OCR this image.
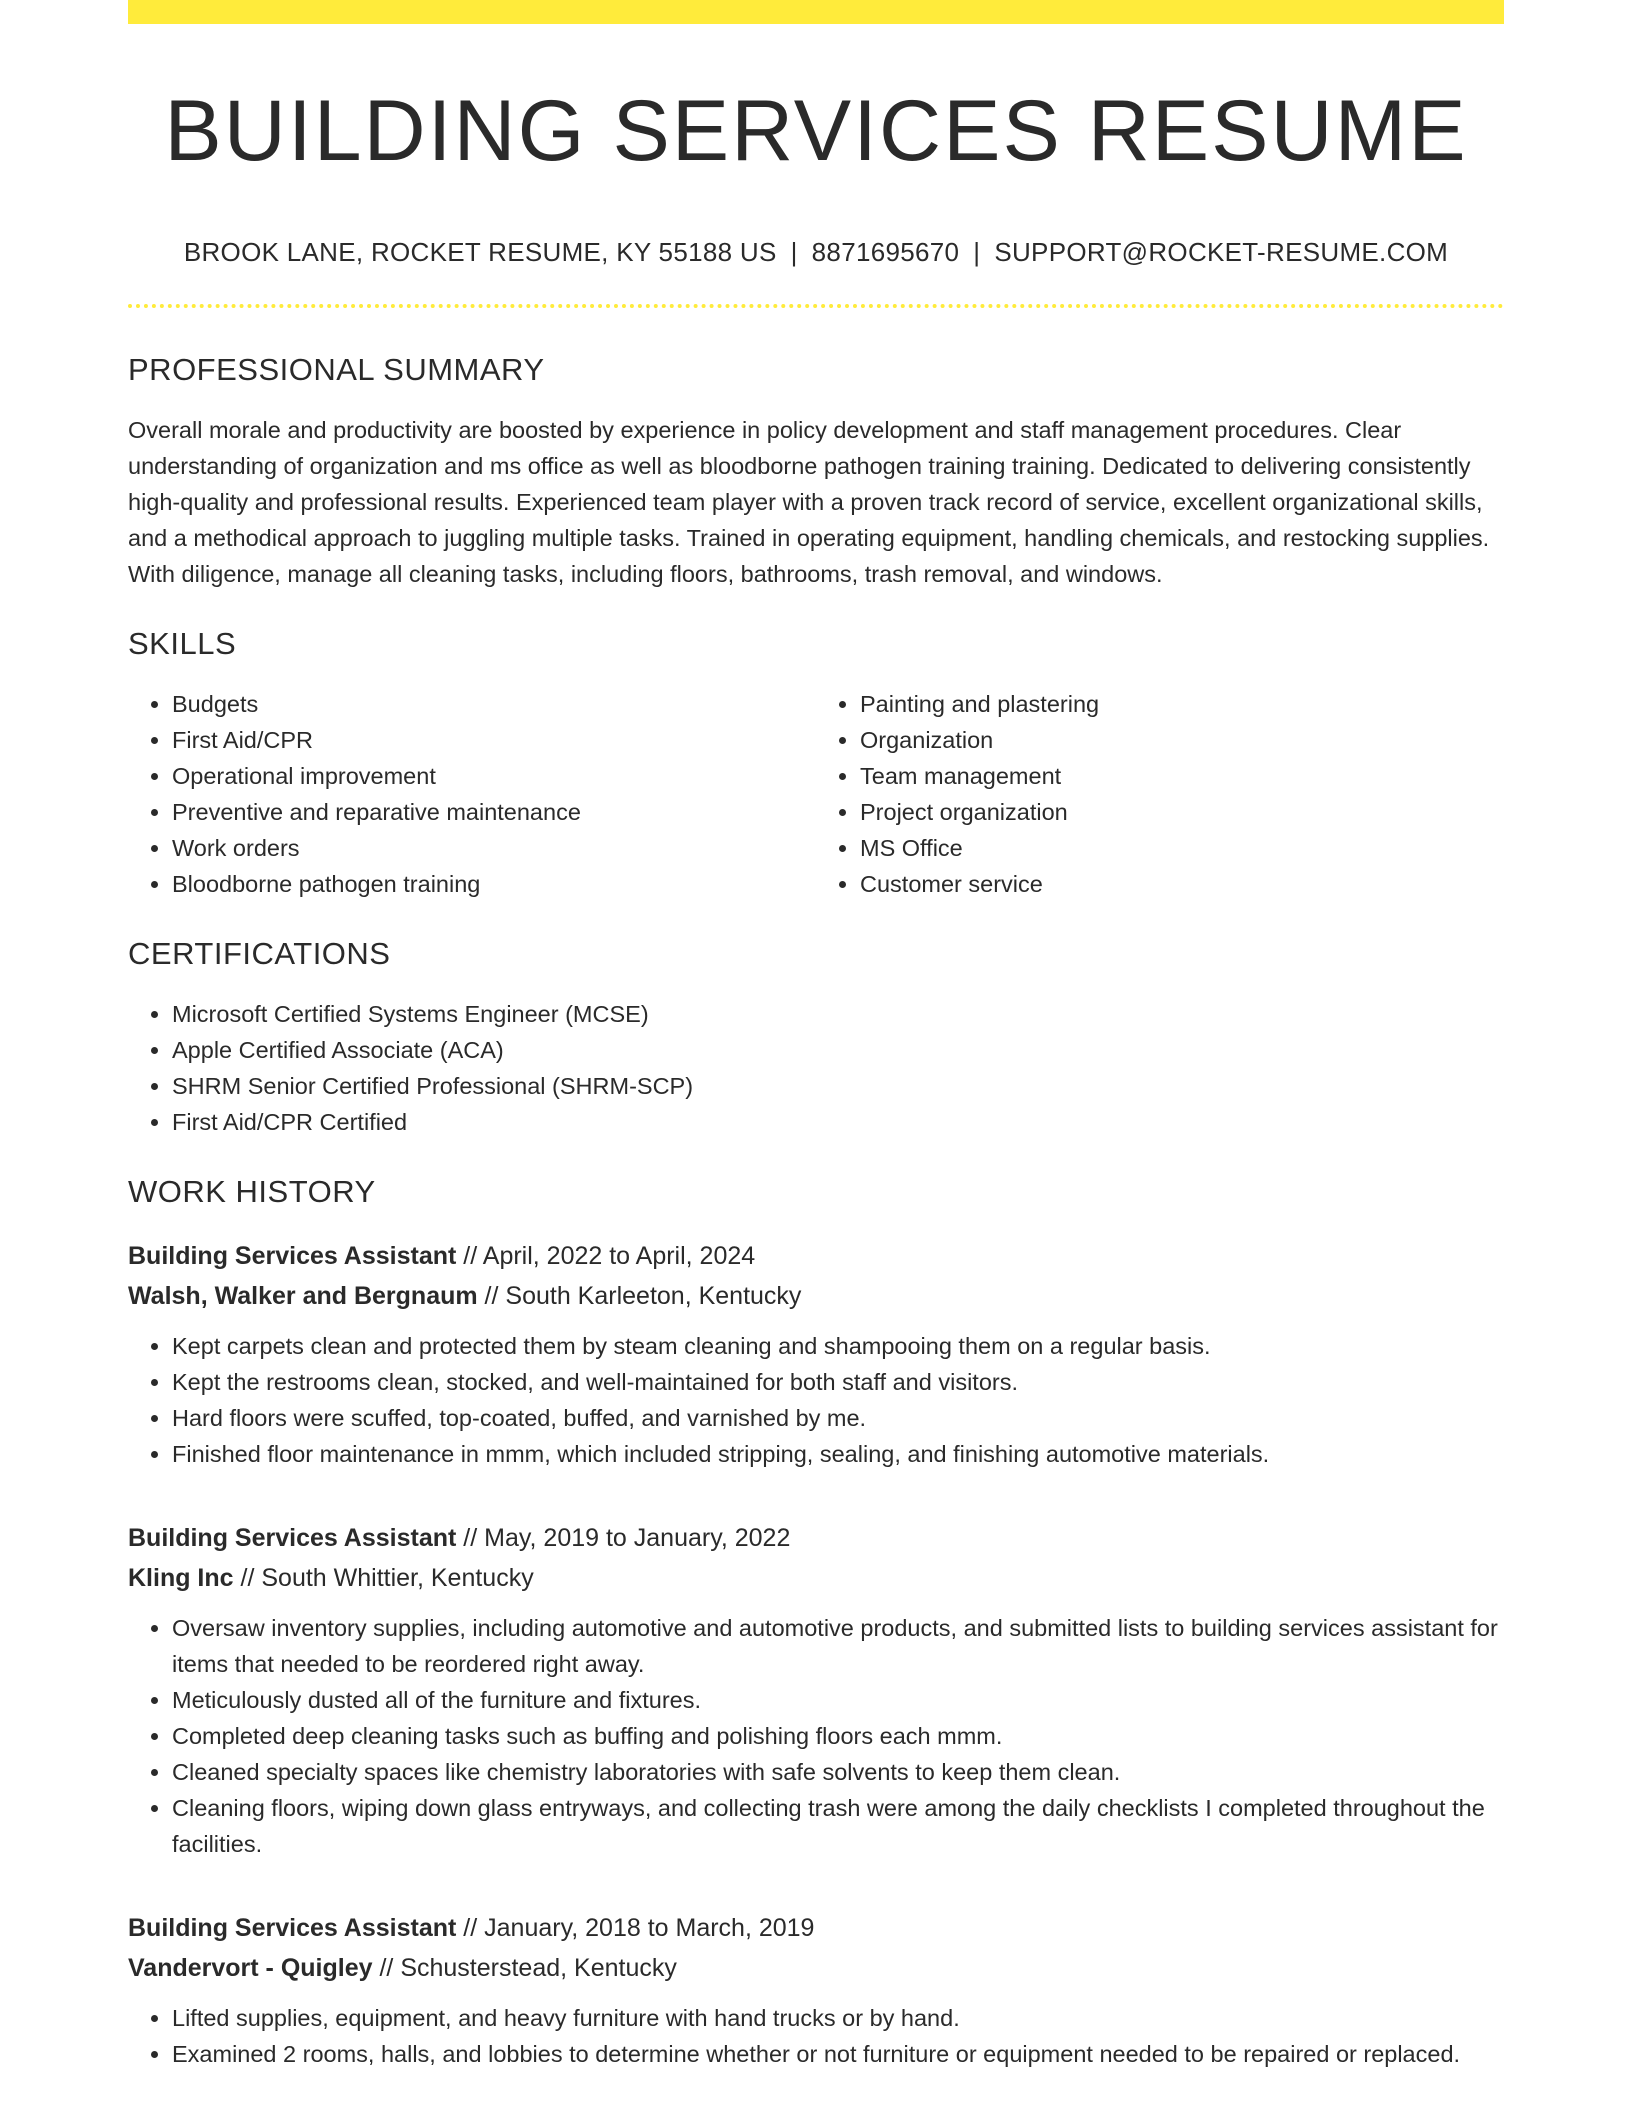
BUILDING SERVICES RESUME
BROOK LANE, ROCKET RESUME, KY 55188 US | 8871695670 | SUPPORT@ROCKET-RESUME.COM
PROFESSIONAL SUMMARY
Overall morale and productivity are boosted by experience in policy development and staff management procedures. Clear understanding of organization and ms office as well as bloodborne pathogen training training. Dedicated to delivering consistently high-quality and professional results. Experienced team player with a proven track record of service, excellent organizational skills, and a methodical approach to juggling multiple tasks. Trained in operating equipment, handling chemicals, and restocking supplies. With diligence, manage all cleaning tasks, including floors, bathrooms, trash removal, and windows.
SKILLS
• Budgets
• First Aid/CPR
• Operational improvement
• Preventive and reparative maintenance
• Work orders
• Bloodborne pathogen training
• Painting and plastering
• Organization
• Team management
• Project organization
• MS Office
• Customer service
CERTIFICATIONS
• Microsoft Certified Systems Engineer (MCSE)
• Apple Certified Associate (ACA)
• SHRM Senior Certified Professional (SHRM-SCP)
• First Aid/CPR Certified
WORK HISTORY
Building Services Assistant // April, 2022 to April, 2024
Walsh, Walker and Bergnaum // South Karleeton, Kentucky
• Kept carpets clean and protected them by steam cleaning and shampooing them on a regular basis.
• Kept the restrooms clean, stocked, and well-maintained for both staff and visitors.
• Hard floors were scuffed, top-coated, buffed, and varnished by me.
• Finished floor maintenance in mmm, which included stripping, sealing, and finishing automotive materials.
Building Services Assistant // May, 2019 to January, 2022
Kling Inc // South Whittier, Kentucky
• Oversaw inventory supplies, including automotive and automotive products, and submitted lists to building services assistant for items that needed to be reordered right away.
• Meticulously dusted all of the furniture and fixtures.
• Completed deep cleaning tasks such as buffing and polishing floors each mmm.
• Cleaned specialty spaces like chemistry laboratories with safe solvents to keep them clean.
• Cleaning floors, wiping down glass entryways, and collecting trash were among the daily checklists I completed throughout the facilities.
Building Services Assistant // January, 2018 to March, 2019
Vandervort - Quigley // Schusterstead, Kentucky
• Lifted supplies, equipment, and heavy furniture with hand trucks or by hand.
• Examined 2 rooms, halls, and lobbies to determine whether or not furniture or equipment needed to be repaired or replaced.
